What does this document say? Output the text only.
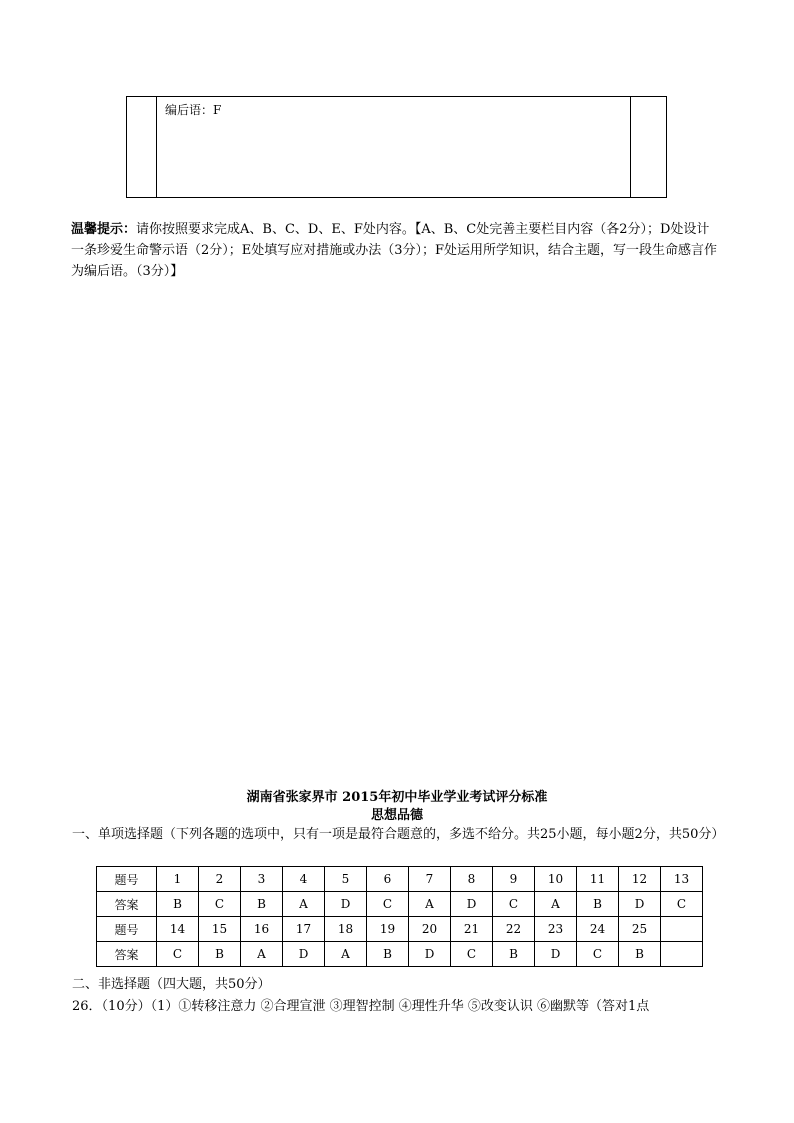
编后语：F
温馨提示：请你按照要求完成A、B、C、D、E、F处内容。【A、B、C处完善主要栏目内容（各2分）；D处设计一条珍爱生命警示语（2分）；E处填写应对措施或办法（3分）；F处运用所学知识，结合主题，写一段生命感言作为编后语。（3分）】
湖南省张家界市 2015年初中毕业学业考试评分标准
思想品德
一、单项选择题（下列各题的选项中，只有一项是最符合题意的，多选不给分。共25小题，每小题2分，共50分）
题号	1	2	3	4	5	6	7	8	9	10	11	12	13
答案	B	C	B	A	D	C	A	D	C	A	B	D	C
题号	14	15	16	17	18	19	20	21	22	23	24	25	
答案	C	B	A	D	A	B	D	C	B	D	C	B	
二、非选择题（四大题，共50分）
26．（10分）（1）①转移注意力 ②合理宣泄 ③理智控制 ④理性升华 ⑤改变认识 ⑥幽默等（答对1点
